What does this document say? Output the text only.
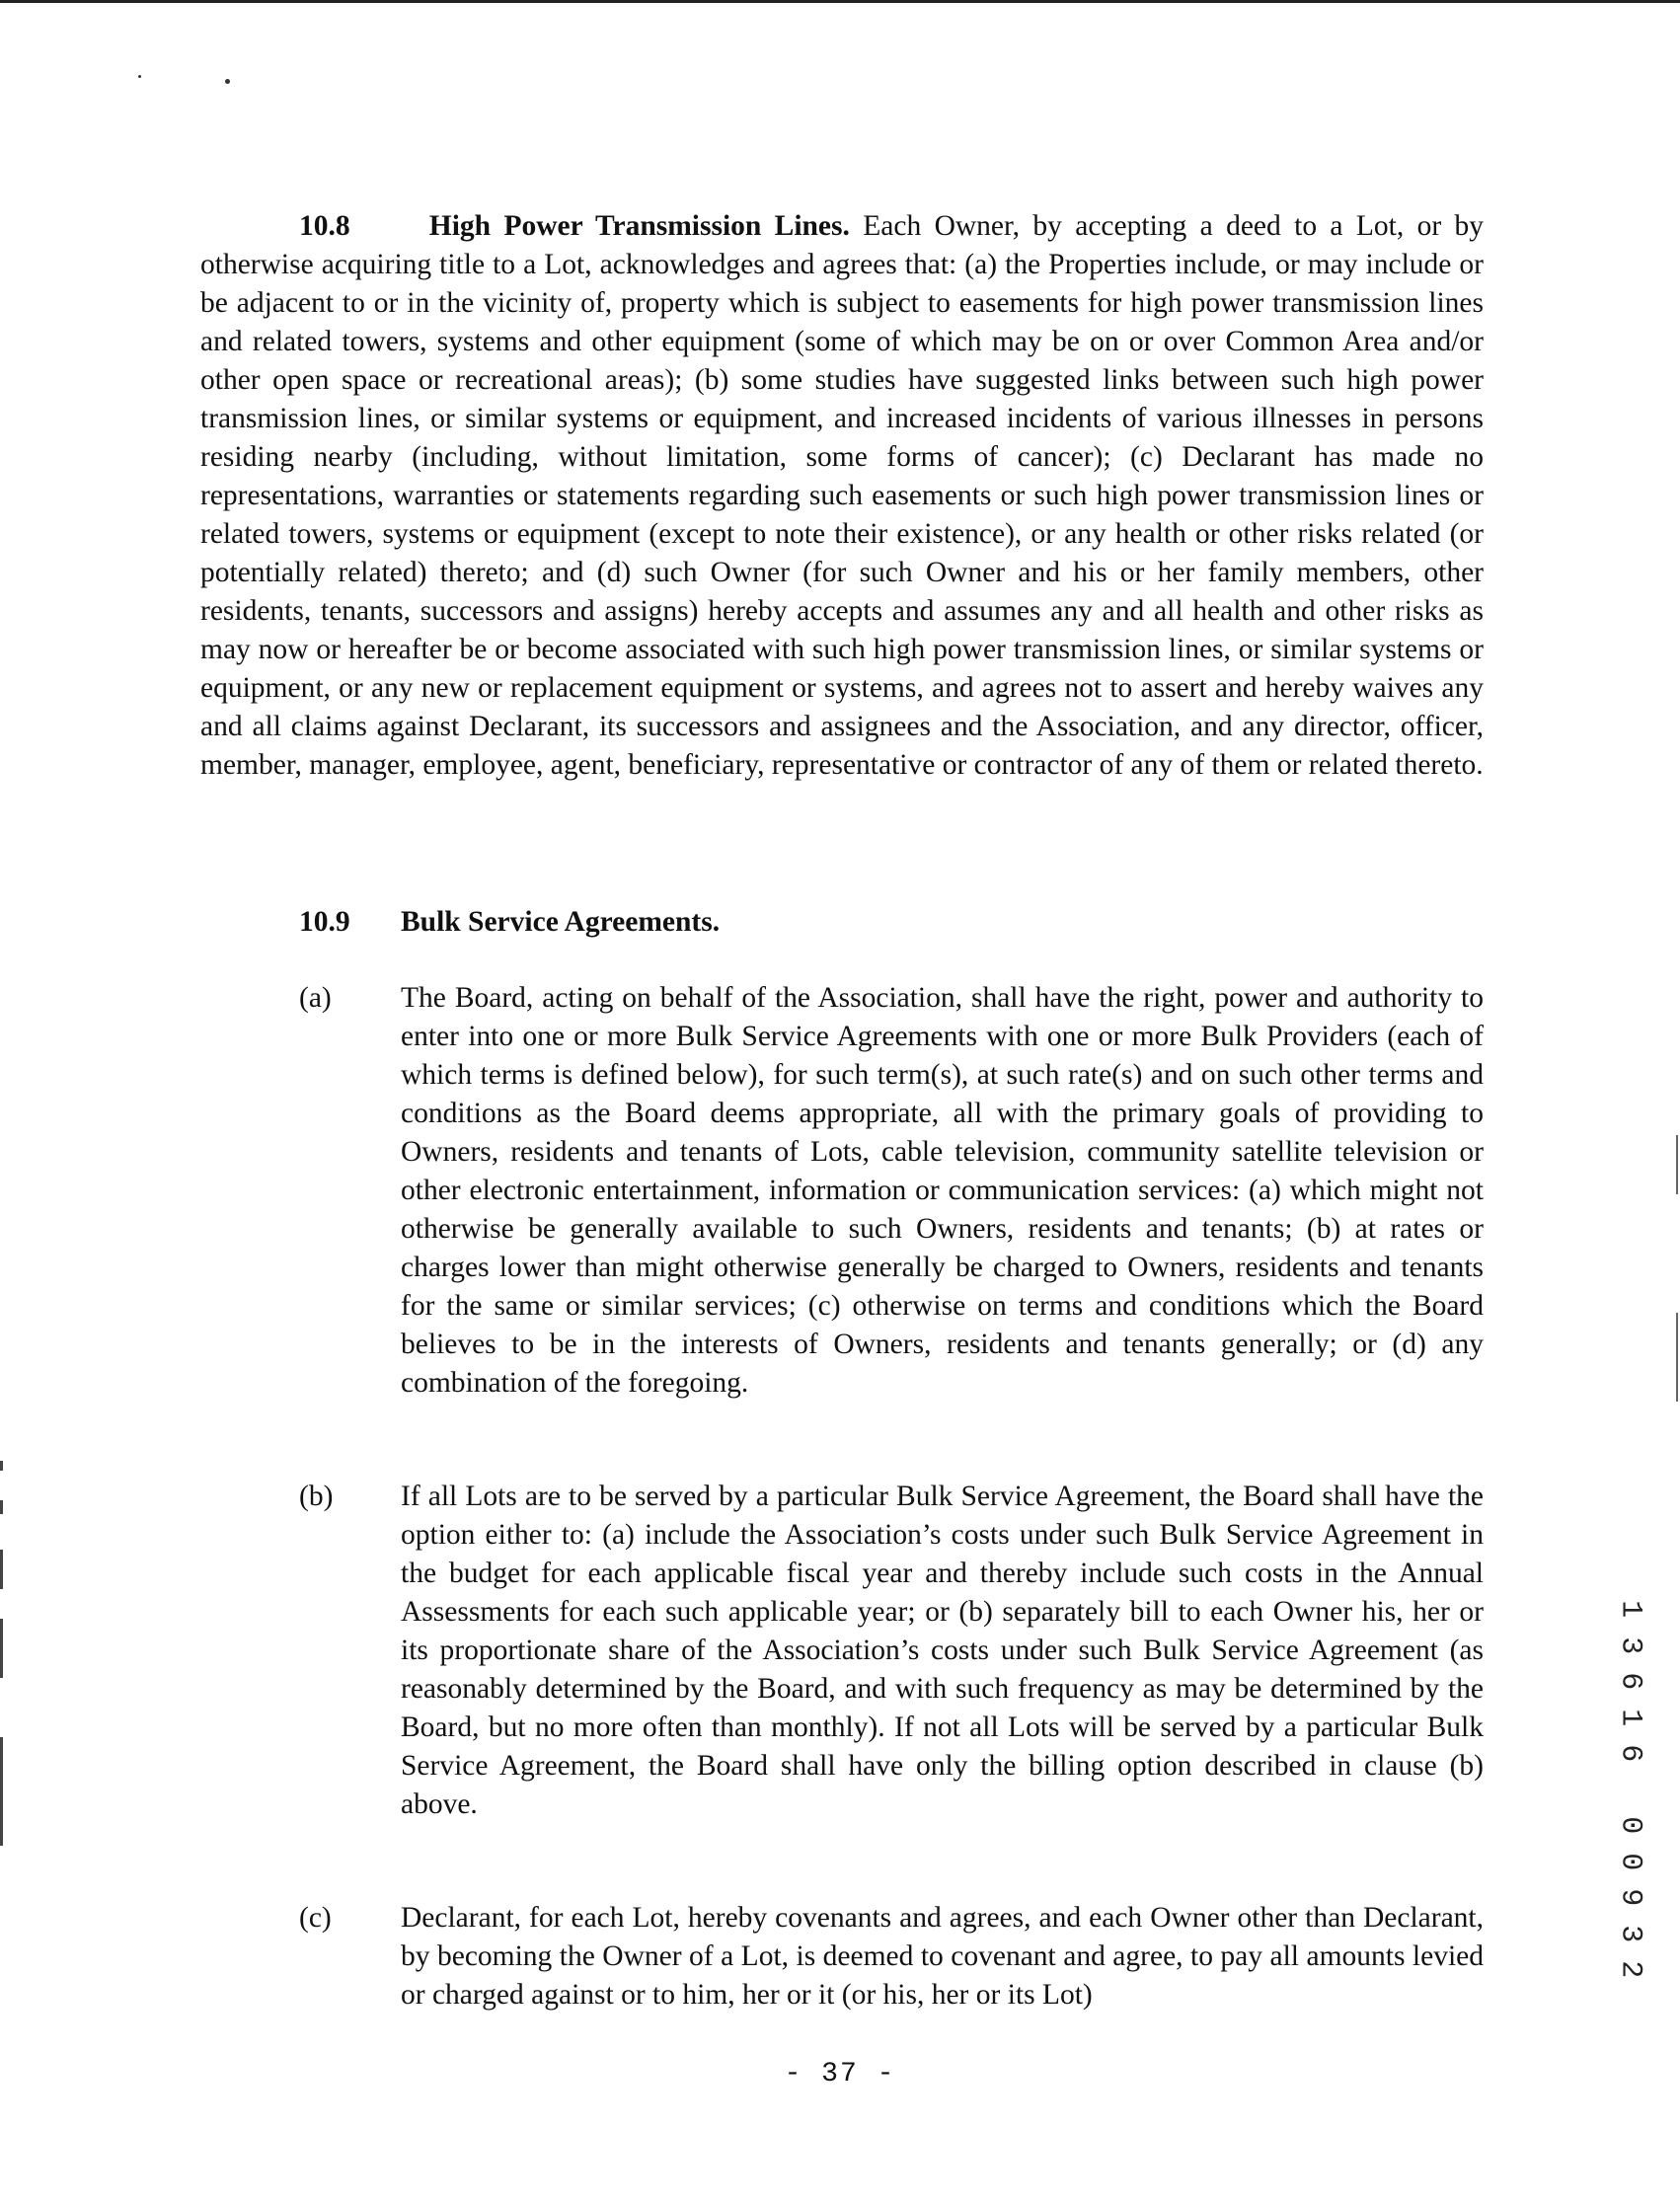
10.8	High Power Transmission Lines. Each Owner, by accepting a deed to a Lot, or by otherwise acquiring title to a Lot, acknowledges and agrees that: (a) the Properties include, or may include or be adjacent to or in the vicinity of, property which is subject to easements for high power transmission lines and related towers, systems and other equipment (some of which may be on or over Common Area and/or other open space or recreational areas); (b) some studies have suggested links between such high power transmission lines, or similar systems or equipment, and increased incidents of various illnesses in persons residing nearby (including, without limitation, some forms of cancer); (c) Declarant has made no representations, warranties or statements regarding such easements or such high power transmission lines or related towers, systems or equipment (except to note their existence), or any health or other risks related (or potentially related) thereto; and (d) such Owner (for such Owner and his or her family members, other residents, tenants, successors and assigns) hereby accepts and assumes any and all health and other risks as may now or hereafter be or become associated with such high power transmission lines, or similar systems or equipment, or any new or replacement equipment or systems, and agrees not to assert and hereby waives any and all claims against Declarant, its successors and assignees and the Association, and any director, officer, member, manager, employee, agent, beneficiary, representative or contractor of any of them or related thereto.

10.9 Bulk Service Agreements.
(a) The Board, acting on behalf of the Association, shall have the right, power and authority to enter into one or more Bulk Service Agreements with one or more Bulk Providers (each of which terms is defined below), for such term(s), at such rate(s) and on such other terms and conditions as the Board deems appropriate, all with the primary goals of providing to Owners, residents and tenants of Lots, cable television, community satellite television or other electronic entertainment, information or communication services: (a) which might not otherwise be generally available to such Owners, residents and tenants; (b) at rates or charges lower than might otherwise generally be charged to Owners, residents and tenants for the same or similar services; (c) otherwise on terms and conditions which the Board believes to be in the interests of Owners, residents and tenants generally; or (d) any combination of the foregoing.
(b) If all Lots are to be served by a particular Bulk Service Agreement, the Board shall have the option either to: (a) include the Association’s costs under such Bulk Service Agreement in the budget for each applicable fiscal year and thereby include such costs in the Annual Assessments for each such applicable year; or (b) separately bill to each Owner his, her or its proportionate share of the Association’s costs under such Bulk Service Agreement (as reasonably determined by the Board, and with such frequency as may be determined by the Board, but no more often than monthly). If not all Lots will be served by a particular Bulk Service Agreement, the Board shall have only the billing option described in clause (b) above.
(c) Declarant, for each Lot, hereby covenants and agrees, and each Owner other than Declarant, by becoming the Owner of a Lot, is deemed to covenant and agree, to pay all amounts levied or charged against or to him, her or it (or his, her or its Lot)
1
3
6
1
6

0
0
9
3
2
- 37 -
